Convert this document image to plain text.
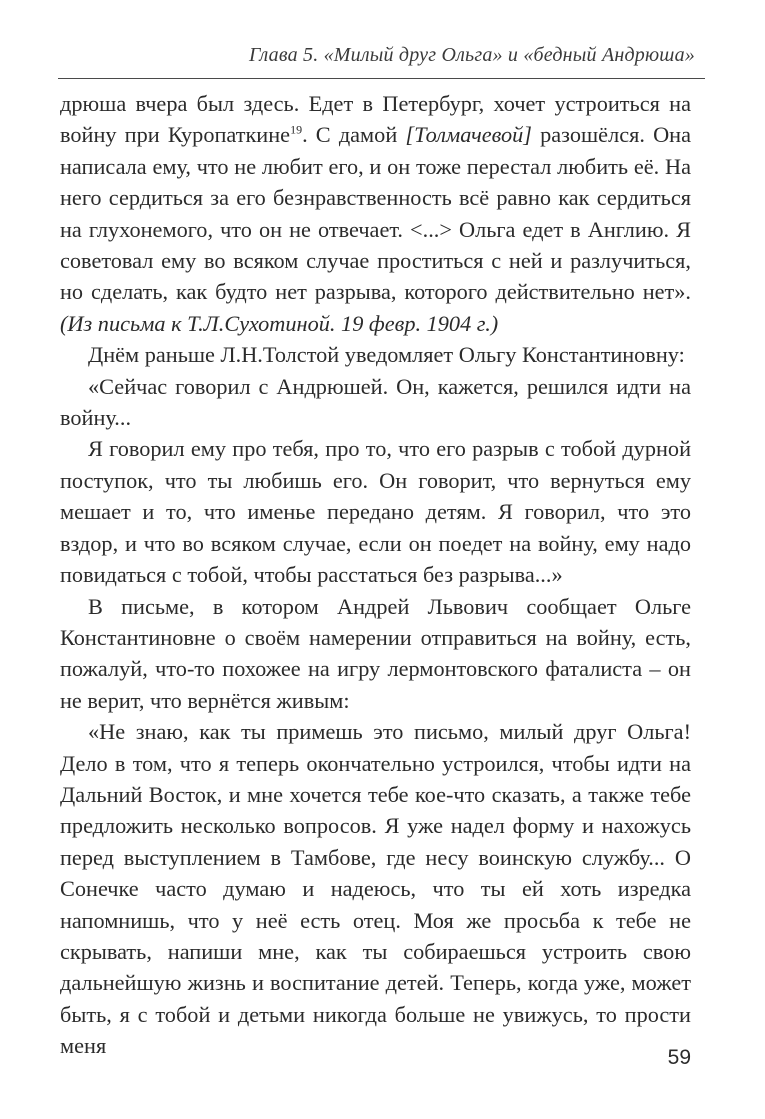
Глава 5. «Милый друг Ольга» и «бедный Андрюша»

дрюша вчера был здесь. Едет в Петербург, хочет устроиться на войну при Куропаткине$^{19}$. С дамой [Толмачевой] разошёлся. Она написала ему, что не любит его, и он тоже перестал любить её. На него сердиться за его безнравственность всё равно как сердиться на глухонемого, что он не отвечает. <...> Ольга едет в Англию. Я советовал ему во всяком случае проститься с ней и разлучиться, но сделать, как будто нет разрыва, которого действительно нет». (Из письма к Т.Л.Сухотиной. 19 февр. 1904 г.)

Днём раньше Л.Н.Толстой уведомляет Ольгу Константиновну:

«Сейчас говорил с Андрюшей. Он, кажется, решился идти на войну...

Я говорил ему про тебя, про то, что его разрыв с тобой дурной поступок, что ты любишь его. Он говорит, что вернуться ему мешает и то, что именье передано детям. Я говорил, что это вздор, и что во всяком случае, если он поедет на войну, ему надо повидаться с тобой, чтобы расстаться без разрыва...»

В письме, в котором Андрей Львович сообщает Ольге Константиновне о своём намерении отправиться на войну, есть, пожалуй, что-то похожее на игру лермонтовского фаталиста – он не верит, что вернётся живым:

«Не знаю, как ты примешь это письмо, милый друг Ольга! Дело в том, что я теперь окончательно устроился, чтобы идти на Дальний Восток, и мне хочется тебе кое-что сказать, а также тебе предложить несколько вопросов. Я уже надел форму и нахожусь перед выступлением в Тамбове, где несу воинскую службу... О Сонечке часто думаю и надеюсь, что ты ей хоть изредка напомнишь, что у неё есть отец. Моя же просьба к тебе не скрывать, напиши мне, как ты собираешься устроить свою дальнейшую жизнь и воспитание детей. Теперь, когда уже, может быть, я с тобой и детьми никогда больше не увижусь, то прости меня	59
